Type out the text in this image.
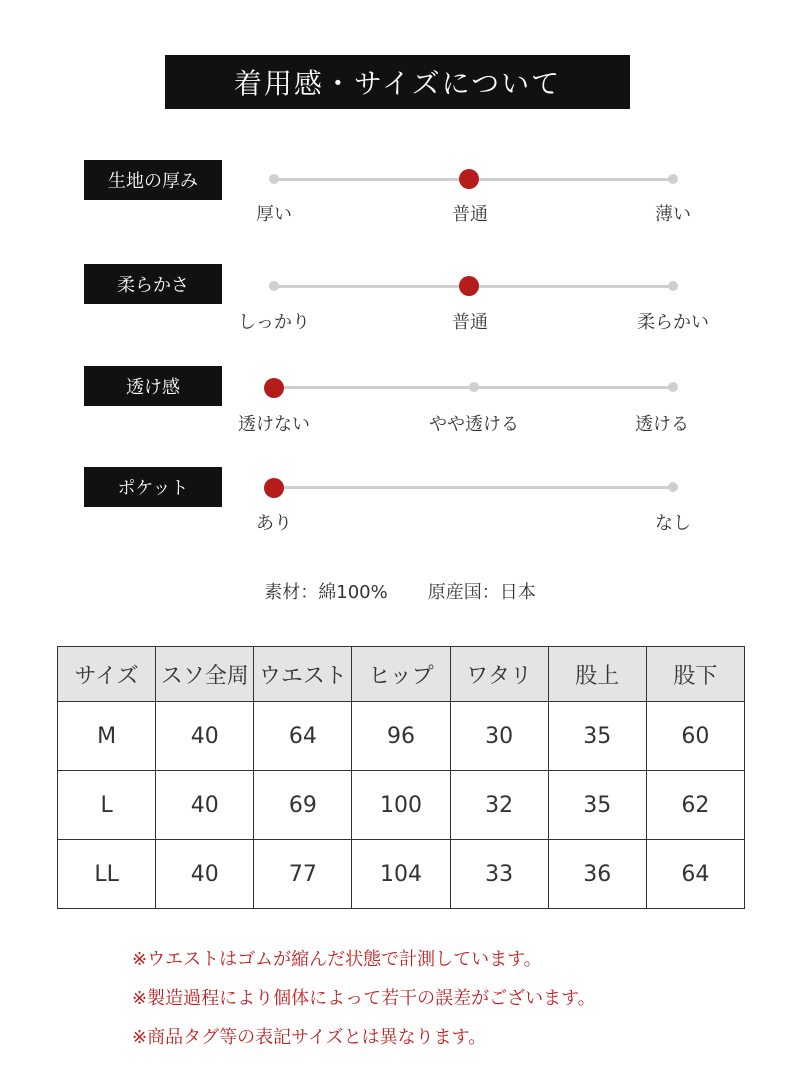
着用感・サイズについて
生地の厚み
厚い	普通	薄い
柔らかさ
しっかり	普通	柔らかい
透け感
透けない	やや透ける	透ける
ポケット
あり	なし
素材：綿100% 原産国：日本
サイズ	スソ全周	ウエスト	ヒップ	ワタリ	股上	股下
M	40	64	96	30	35	60
L	40	69	100	32	35	62
LL	40	77	104	33	36	64
※ウエストはゴムが縮んだ状態で計測しています。
※製造過程により個体によって若干の誤差がございます。
※商品タグ等の表記サイズとは異なります。
